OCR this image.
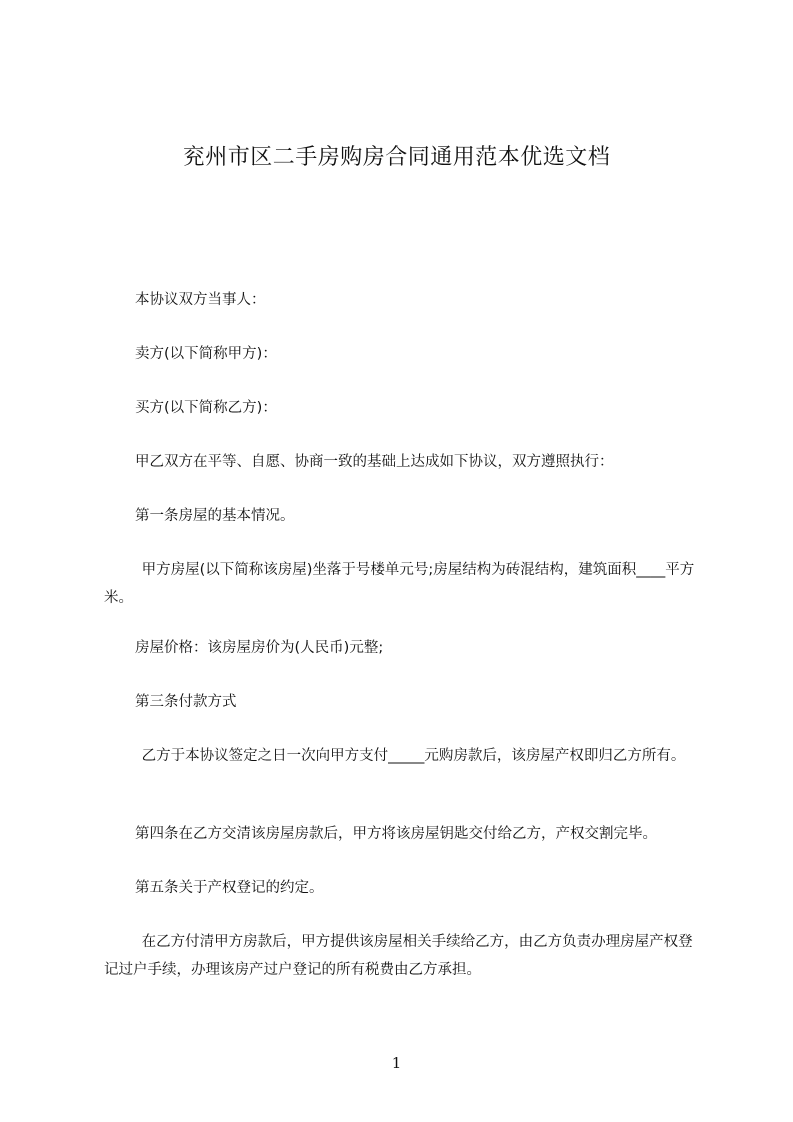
兖州市区二手房购房合同通用范本优选文档
本协议双方当事人：
卖方(以下简称甲方)：
买方(以下简称乙方)：
甲乙双方在平等、自愿、协商一致的基础上达成如下协议，双方遵照执行：
第一条房屋的基本情况。
甲方房屋(以下简称该房屋)坐落于号楼单元号;房屋结构为砖混结构，建筑面积____平方米。
房屋价格：该房屋房价为(人民币)元整;
第三条付款方式
乙方于本协议签定之日一次向甲方支付_____元购房款后，该房屋产权即归乙方所有。
第四条在乙方交清该房屋房款后，甲方将该房屋钥匙交付给乙方，产权交割完毕。
第五条关于产权登记的约定。
在乙方付清甲方房款后，甲方提供该房屋相关手续给乙方，由乙方负责办理房屋产权登记过户手续，办理该房产过户登记的所有税费由乙方承担。
1
